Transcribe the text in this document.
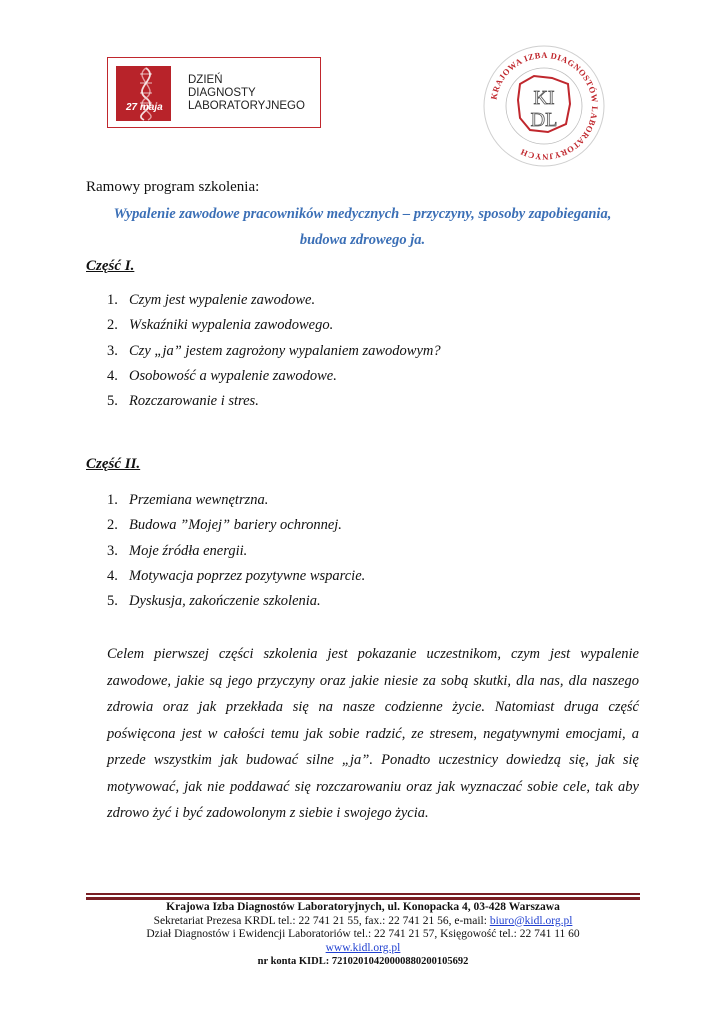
27 maja
DZIEŃ
DIAGNOSTY
LABORATORYJNEGO
KRAJOWA IZBA DIAGNOSTÓW LABORATORYJNYCH
KI
DL
Ramowy program szkolenia:
Wypalenie zawodowe pracowników medycznych – przyczyny, sposoby zapobiegania,
budowa zdrowego ja.
Część I.
1. Czym jest wypalenie zawodowe.
2. Wskaźniki wypalenia zawodowego.
3. Czy „ja” jestem zagrożony wypalaniem zawodowym?
4. Osobowość a wypalenie zawodowe.
5. Rozczarowanie i stres.
Część II.
1. Przemiana wewnętrzna.
2. Budowa ”Mojej” bariery ochronnej.
3. Moje źródła energii.
4. Motywacja poprzez pozytywne wsparcie.
5. Dyskusja, zakończenie szkolenia.
Celem pierwszej części szkolenia jest pokazanie uczestnikom, czym jest wypalenie zawodowe, jakie są jego przyczyny oraz jakie niesie za sobą skutki, dla nas, dla naszego zdrowia oraz jak przekłada się na nasze codzienne życie. Natomiast druga część poświęcona jest w całości temu jak sobie radzić, ze stresem, negatywnymi emocjami, a przede wszystkim jak budować silne „ja”. Ponadto uczestnicy dowiedzą się, jak się motywować, jak nie poddawać się rozczarowaniu oraz jak wyznaczać sobie cele, tak aby zdrowo żyć i być zadowolonym z siebie i swojego życia.
Krajowa Izba Diagnostów Laboratoryjnych, ul. Konopacka 4, 03-428 Warszawa
Sekretariat Prezesa KRDL tel.: 22 741 21 55, fax.: 22 741 21 56, e-mail: biuro@kidl.org.pl
Dział Diagnostów i Ewidencji Laboratoriów tel.: 22 741 21 57, Księgowość tel.: 22 741 11 60
www.kidl.org.pl
nr konta KIDL: 72102010420000880200105692
